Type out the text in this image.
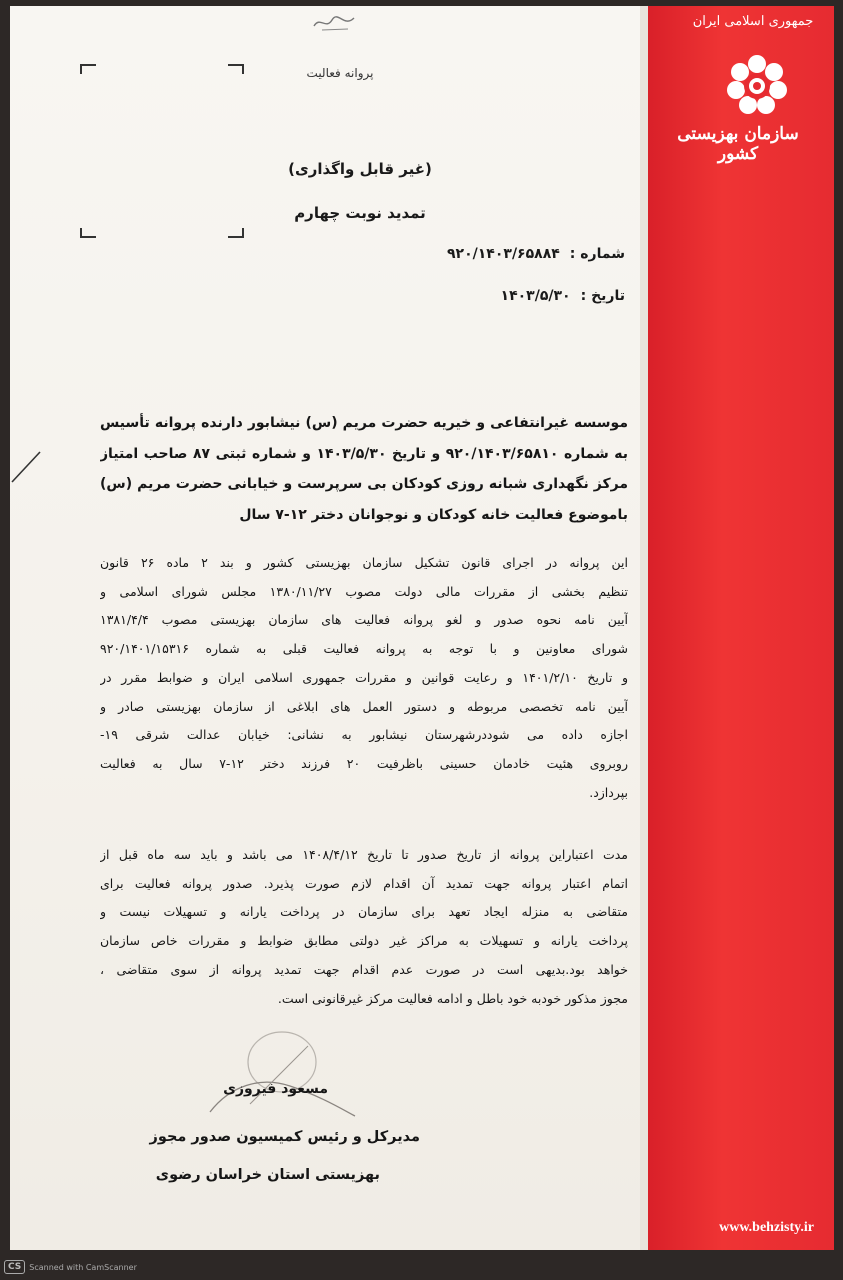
پروانه فعالیت
(غیر قابل واگذاری)
تمدید نوبت چهارم
شماره :
۹۲۰/۱۴۰۳/۶۵۸۸۴
تاریخ :
۱۴۰۳/۵/۳۰
موسسه غیرانتفاعی و خیریه حضرت مریم (س) نیشابور دارنده پروانه تأسیس
به شماره ۹۲۰/۱۴۰۳/۶۵۸۱۰ و تاریخ ۱۴۰۳/۵/۳۰ و شماره ثبتی ۸۷ صاحب امتیاز
مرکز نگهداری شبانه روزی کودکان بی سرپرست و خیابانی حضرت مریم (س)
باموضوع فعالیت خانه کودکان و نوجوانان دختر ۱۲-۷ سال
این پروانه در اجرای قانون تشکیل سازمان بهزیستی کشور و بند ۲ ماده ۲۶ قانون
تنظیم بخشی از مقررات مالی دولت مصوب ۱۳۸۰/۱۱/۲۷ مجلس شورای اسلامی و
آیین نامه نحوه صدور و لغو پروانه فعالیت های سازمان بهزیستی مصوب ۱۳۸۱/۴/۴
شورای معاونین و با توجه به پروانه فعالیت قبلی به شماره ۹۲۰/۱۴۰۱/۱۵۳۱۶
و تاریخ ۱۴۰۱/۲/۱۰ و رعایت قوانین و مقررات جمهوری اسلامی ایران و ضوابط مقرر در
آیین نامه تخصصی مربوطه و دستور العمل های ابلاغی از سازمان بهزیستی صادر و
اجازه داده می شوددرشهرستان نیشابور به نشانی: خیابان عدالت شرقی ۱۹-
روبروی هئیت خادمان حسینی باظرفیت ۲۰ فرزند دختر ۱۲-۷ سال به فعالیت
بپردازد.
مدت اعتباراین پروانه از تاریخ صدور تا تاریخ ۱۴۰۸/۴/۱۲ می باشد و باید سه ماه قبل از
اتمام اعتبار پروانه جهت تمدید آن اقدام لازم صورت پذیرد. صدور پروانه فعالیت برای
متقاضی به منزله ایجاد تعهد برای سازمان در پرداخت یارانه و تسهیلات نیست و
پرداخت یارانه و تسهیلات به مراکز غیر دولتی مطابق ضوابط و مقررات خاص سازمان
خواهد بود.بدیهی است در صورت عدم اقدام جهت تمدید پروانه از سوی متقاضی ،
مجوز مذکور خودبه خود باطل و ادامه فعالیت مرکز غیرقانونی است.
مسعود فیروزی
مدیرکل و رئیس کمیسیون صدور مجوز
بهزیستی استان خراسان رضوی
جمهوری اسلامی ایران
سازمان بهزیستی کشور
www.behzisty.ir
CS	Scanned with CamScanner
